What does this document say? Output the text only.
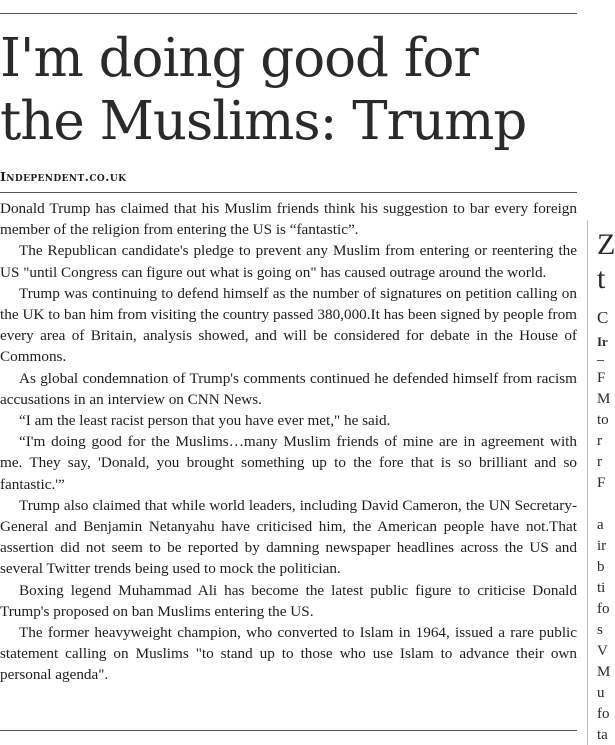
I'm doing good for
the Muslims: Trump
Independent.co.uk

Donald Trump has claimed that his Muslim friends think his suggestion to bar every foreign member of the religion from entering the US is “fantastic”.

The Republican candidate's pledge to prevent any Muslim from entering or reentering the US "until Congress can figure out what is going on" has caused outrage around the world.

Trump was continuing to defend himself as the number of signatures on petition calling on the UK to ban him from visiting the country passed 380,000.It has been signed by people from every area of Britain, analysis showed, and will be considered for debate in the House of Commons.

As global condemnation of Trump's comments continued he defended himself from racism accusations in an interview on CNN News.

“I am the least racist person that you have ever met," he said.

“I'm doing good for the Muslims…many Muslim friends of mine are in agreement with me. They say, 'Donald, you brought something up to the fore that is so brilliant and so fantastic.'”

Trump also claimed that while world leaders, including David Cameron, the UN Secretary-General and Benjamin Netanyahu have criticised him, the American people have not.That assertion did not seem to be reported by damning newspaper headlines across the US and several Twitter trends being used to mock the politician.

Boxing legend Muhammad Ali has become the latest public figure to criticise Donald Trump's proposed on ban Muslims entering the US.

The former heavyweight champion, who converted to Islam in 1964, issued a rare public statement calling on Muslims "to stand up to those who use Islam to advance their own personal agenda".

Z
t
C
Ir
F
M
to
r
r
F
a
ir
b
ti
fo
s
V
M
u
fo
ta
